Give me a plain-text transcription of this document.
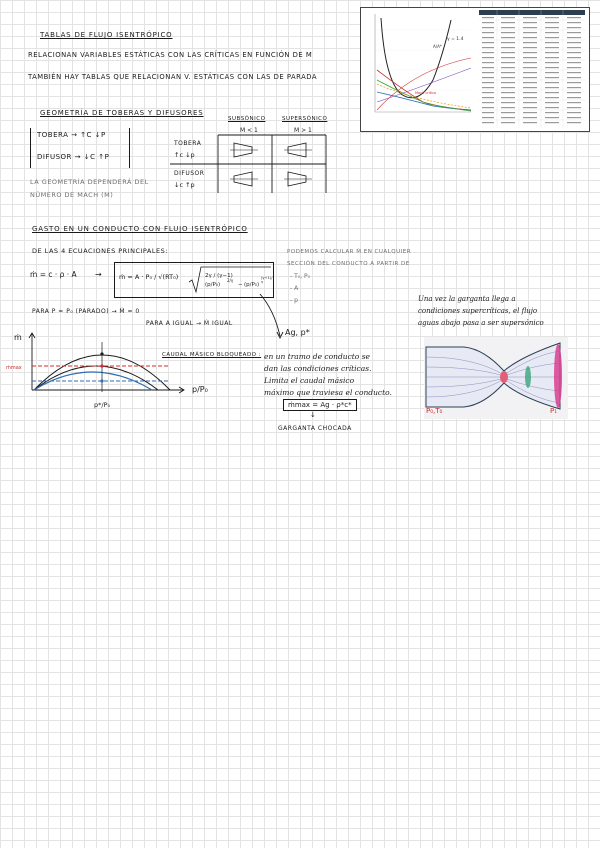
TABLAS DE FLUJO ISENTRÓPICO
RELACIONAN VARIABLES ESTÁTICAS CON LAS CRÍTICAS EN FUNCIÓN DE M
TAMBIÉN HAY TABLAS QUE RELACIONAN V. ESTÁTICAS CON LAS DE PARADA
A/A*
γ = 1.4
Mach crítico
GEOMETRÍA DE TOBERAS Y DIFUSORES
TOBERA → ↑C ↓P
DIFUSOR → ↓C ↑P
LA GEOMETRÍA DEPENDERÁ DEL
NÚMERO DE MACH (M)
SUBSÓNICO
M < 1
SUPERSÓNICO
M > 1
TOBERA
↑c ↓p
DIFUSOR
↓c ↑p
GASTO EN UN CONDUCTO CON FLUJO ISENTRÓPICO
DE LAS 4 ECUACIONES PRINCIPALES:
ṁ = c · ρ · A →	ṁ = A · P₀ / √(RT₀)	2γ / (γ−1)
(p/P₀)
2/γ
− (p/P₀)
(γ+1)/γ
PODEMOS CALCULAR Ṁ EN CUALQUIER
SECCIÓN DEL CONDUCTO A PARTIR DE
- T₀, P₀
- A
- p
PARA P = P₀ (PARADO) → Ṁ = 0
PARA A IGUAL → Ṁ IGUAL
Ag, p*
ṁ
ṁmax
p*/P₀
p/P₀
CAUDAL MÁSICO BLOQUEADO : en un tramo de conducto se
dan las condiciones críticas.
Limita el caudal másico
máximo que traviesa el conducto.
ṁmax = Ag · ρ*c*
↓
GARGANTA CHOCADA
Una vez la garganta llega a
condiciones supercríticas, el flujo
aguas abajo pasa a ser supersónico
P₀,T₀	P₁
